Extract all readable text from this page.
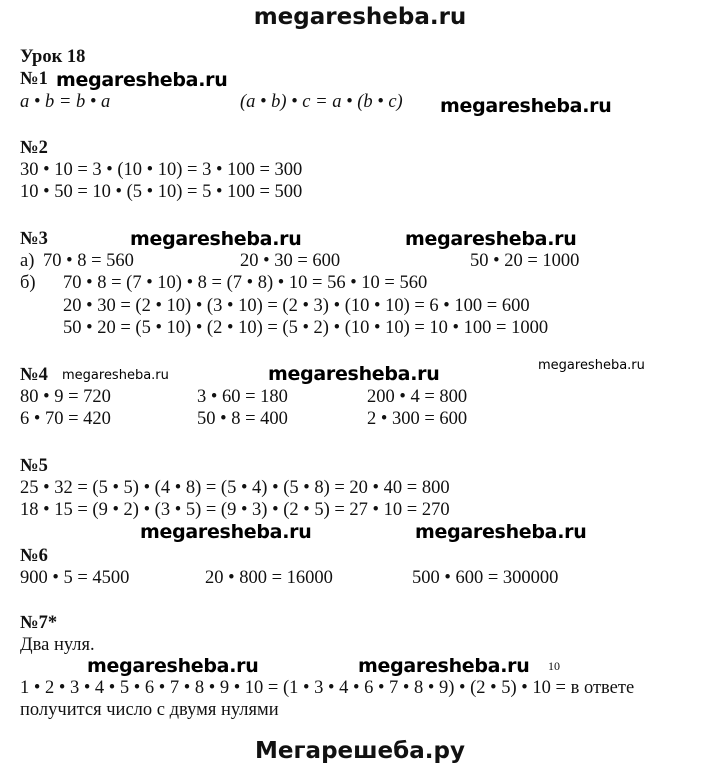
megaresheba.ru
Урок 18
№1 megaresheba.ru
a • b = b • a	(a • b) • c = a • (b • c) megaresheba.ru
№2
30 • 10 = 3 • (10 • 10) = 3 • 100 = 300
10 • 50 = 10 • (5 • 10) = 5 • 100 = 500
№3	megaresheba.ru	megaresheba.ru
а) 70 • 8 = 560	20 • 30 = 600	50 • 20 = 1000
б) 70 • 8 = (7 • 10) • 8 = (7 • 8) • 10 = 56 • 10 = 560
20 • 30 = (2 • 10) • (3 • 10) = (2 • 3) • (10 • 10) = 6 • 100 = 600
50 • 20 = (5 • 10) • (2 • 10) = (5 • 2) • (10 • 10) = 10 • 100 = 1000
№4 megaresheba.ru	megaresheba.ru	megaresheba.ru
80 • 9 = 720	3 • 60 = 180	200 • 4 = 800
6 • 70 = 420	50 • 8 = 400	2 • 300 = 600
№5
25 • 32 = (5 • 5) • (4 • 8) = (5 • 4) • (5 • 8) = 20 • 40 = 800
18 • 15 = (9 • 2) • (3 • 5) = (9 • 3) • (2 • 5) = 27 • 10 = 270
megaresheba.ru	megaresheba.ru
№6
900 • 5 = 4500	20 • 800 = 16000	500 • 600 = 300000
№7*
Два нуля.
megaresheba.ru	megaresheba.ru 10
1 • 2 • 3 • 4 • 5 • 6 • 7 • 8 • 9 • 10 = (1 • 3 • 4 • 6 • 7 • 8 • 9) • (2 • 5) • 10 = в ответе
получится число с двумя нулями
Мегарешеба.ру
